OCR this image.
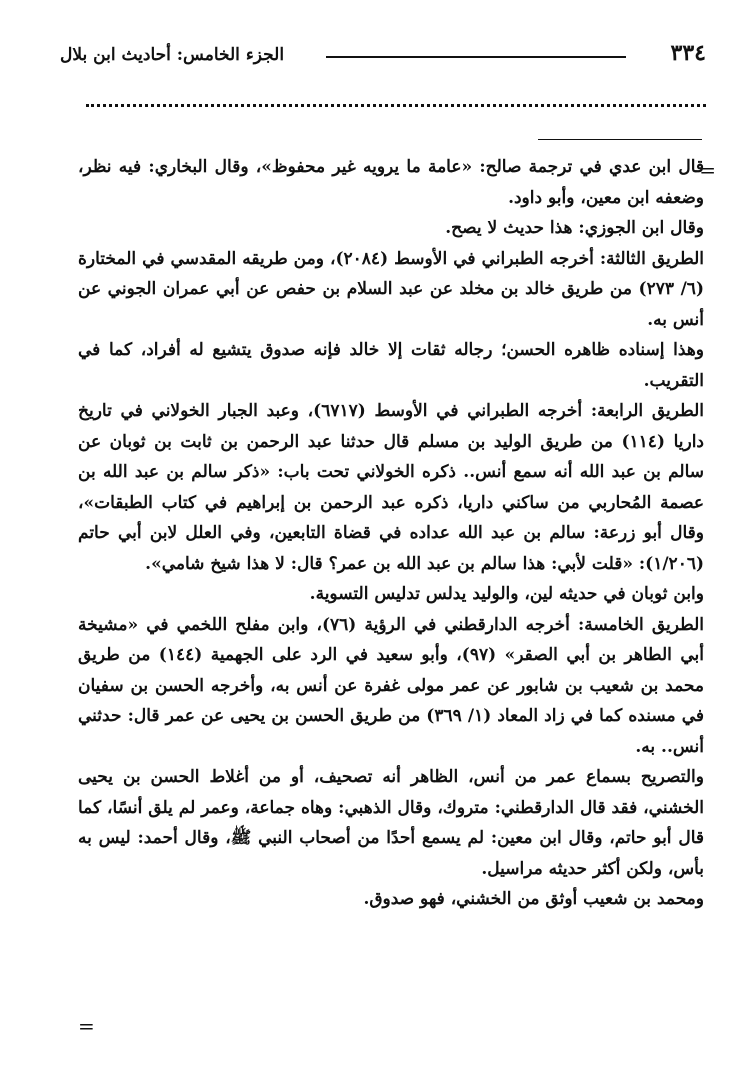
٣٣٤
الجزء الخامس: أحاديث ابن بلال
=

قال ابن عدي في ترجمة صالح: «عامة ما يرويه غير محفوظ»، وقال البخاري: فيه نظر، وضعفه ابن معين، وأبو داود.

وقال ابن الجوزي: هذا حديث لا يصح.

الطريق الثالثة: أخرجه الطبراني في الأوسط (٢٠٨٤)، ومن طريقه المقدسي في المختارة (٦/ ٢٧٣) من طريق خالد بن مخلد عن عبد السلام بن حفص عن أبي عمران الجوني عن أنس به.

وهذا إسناده ظاهره الحسن؛ رجاله ثقات إلا خالد فإنه صدوق يتشيع له أفراد، كما في التقريب.

الطريق الرابعة: أخرجه الطبراني في الأوسط (٦٧١٧)، وعبد الجبار الخولاني في تاريخ داريا (١١٤) من طريق الوليد بن مسلم قال حدثنا عبد الرحمن بن ثابت بن ثوبان عن سالم بن عبد الله أنه سمع أنس.. ذكره الخولاني تحت باب: «ذكر سالم بن عبد الله بن عصمة المُحاربي من ساكني داريا، ذكره عبد الرحمن بن إبراهيم في كتاب الطبقات»، وقال أبو زرعة: سالم بن عبد الله عداده في قضاة التابعين، وفي العلل لابن أبي حاتم (١/٢٠٦): «قلت لأبي: هذا سالم بن عبد الله بن عمر؟ قال: لا هذا شيخ شامي».

وابن ثوبان في حديثه لين، والوليد يدلس تدليس التسوية.

الطريق الخامسة: أخرجه الدارقطني في الرؤية (٧٦)، وابن مفلح اللخمي في «مشيخة أبي الطاهر بن أبي الصقر» (٩٧)، وأبو سعيد في الرد على الجهمية (١٤٤) من طريق محمد بن شعيب بن شابور عن عمر مولى غفرة عن أنس به، وأخرجه الحسن بن سفيان في مسنده كما في زاد المعاد (١/ ٣٦٩) من طريق الحسن بن يحيى عن عمر قال: حدثني أنس.. به.

والتصريح بسماع عمر من أنس، الظاهر أنه تصحيف، أو من أغلاط الحسن بن يحيى الخشني، فقد قال الدارقطني: متروك، وقال الذهبي: وهاه جماعة، وعمر لم يلق أنسًا، كما قال أبو حاتم، وقال ابن معين: لم يسمع أحدًا من أصحاب النبي ﷺ، وقال أحمد: ليس به بأس، ولكن أكثر حديثه مراسيل.

ومحمد بن شعيب أوثق من الخشني، فهو صدوق.

=
